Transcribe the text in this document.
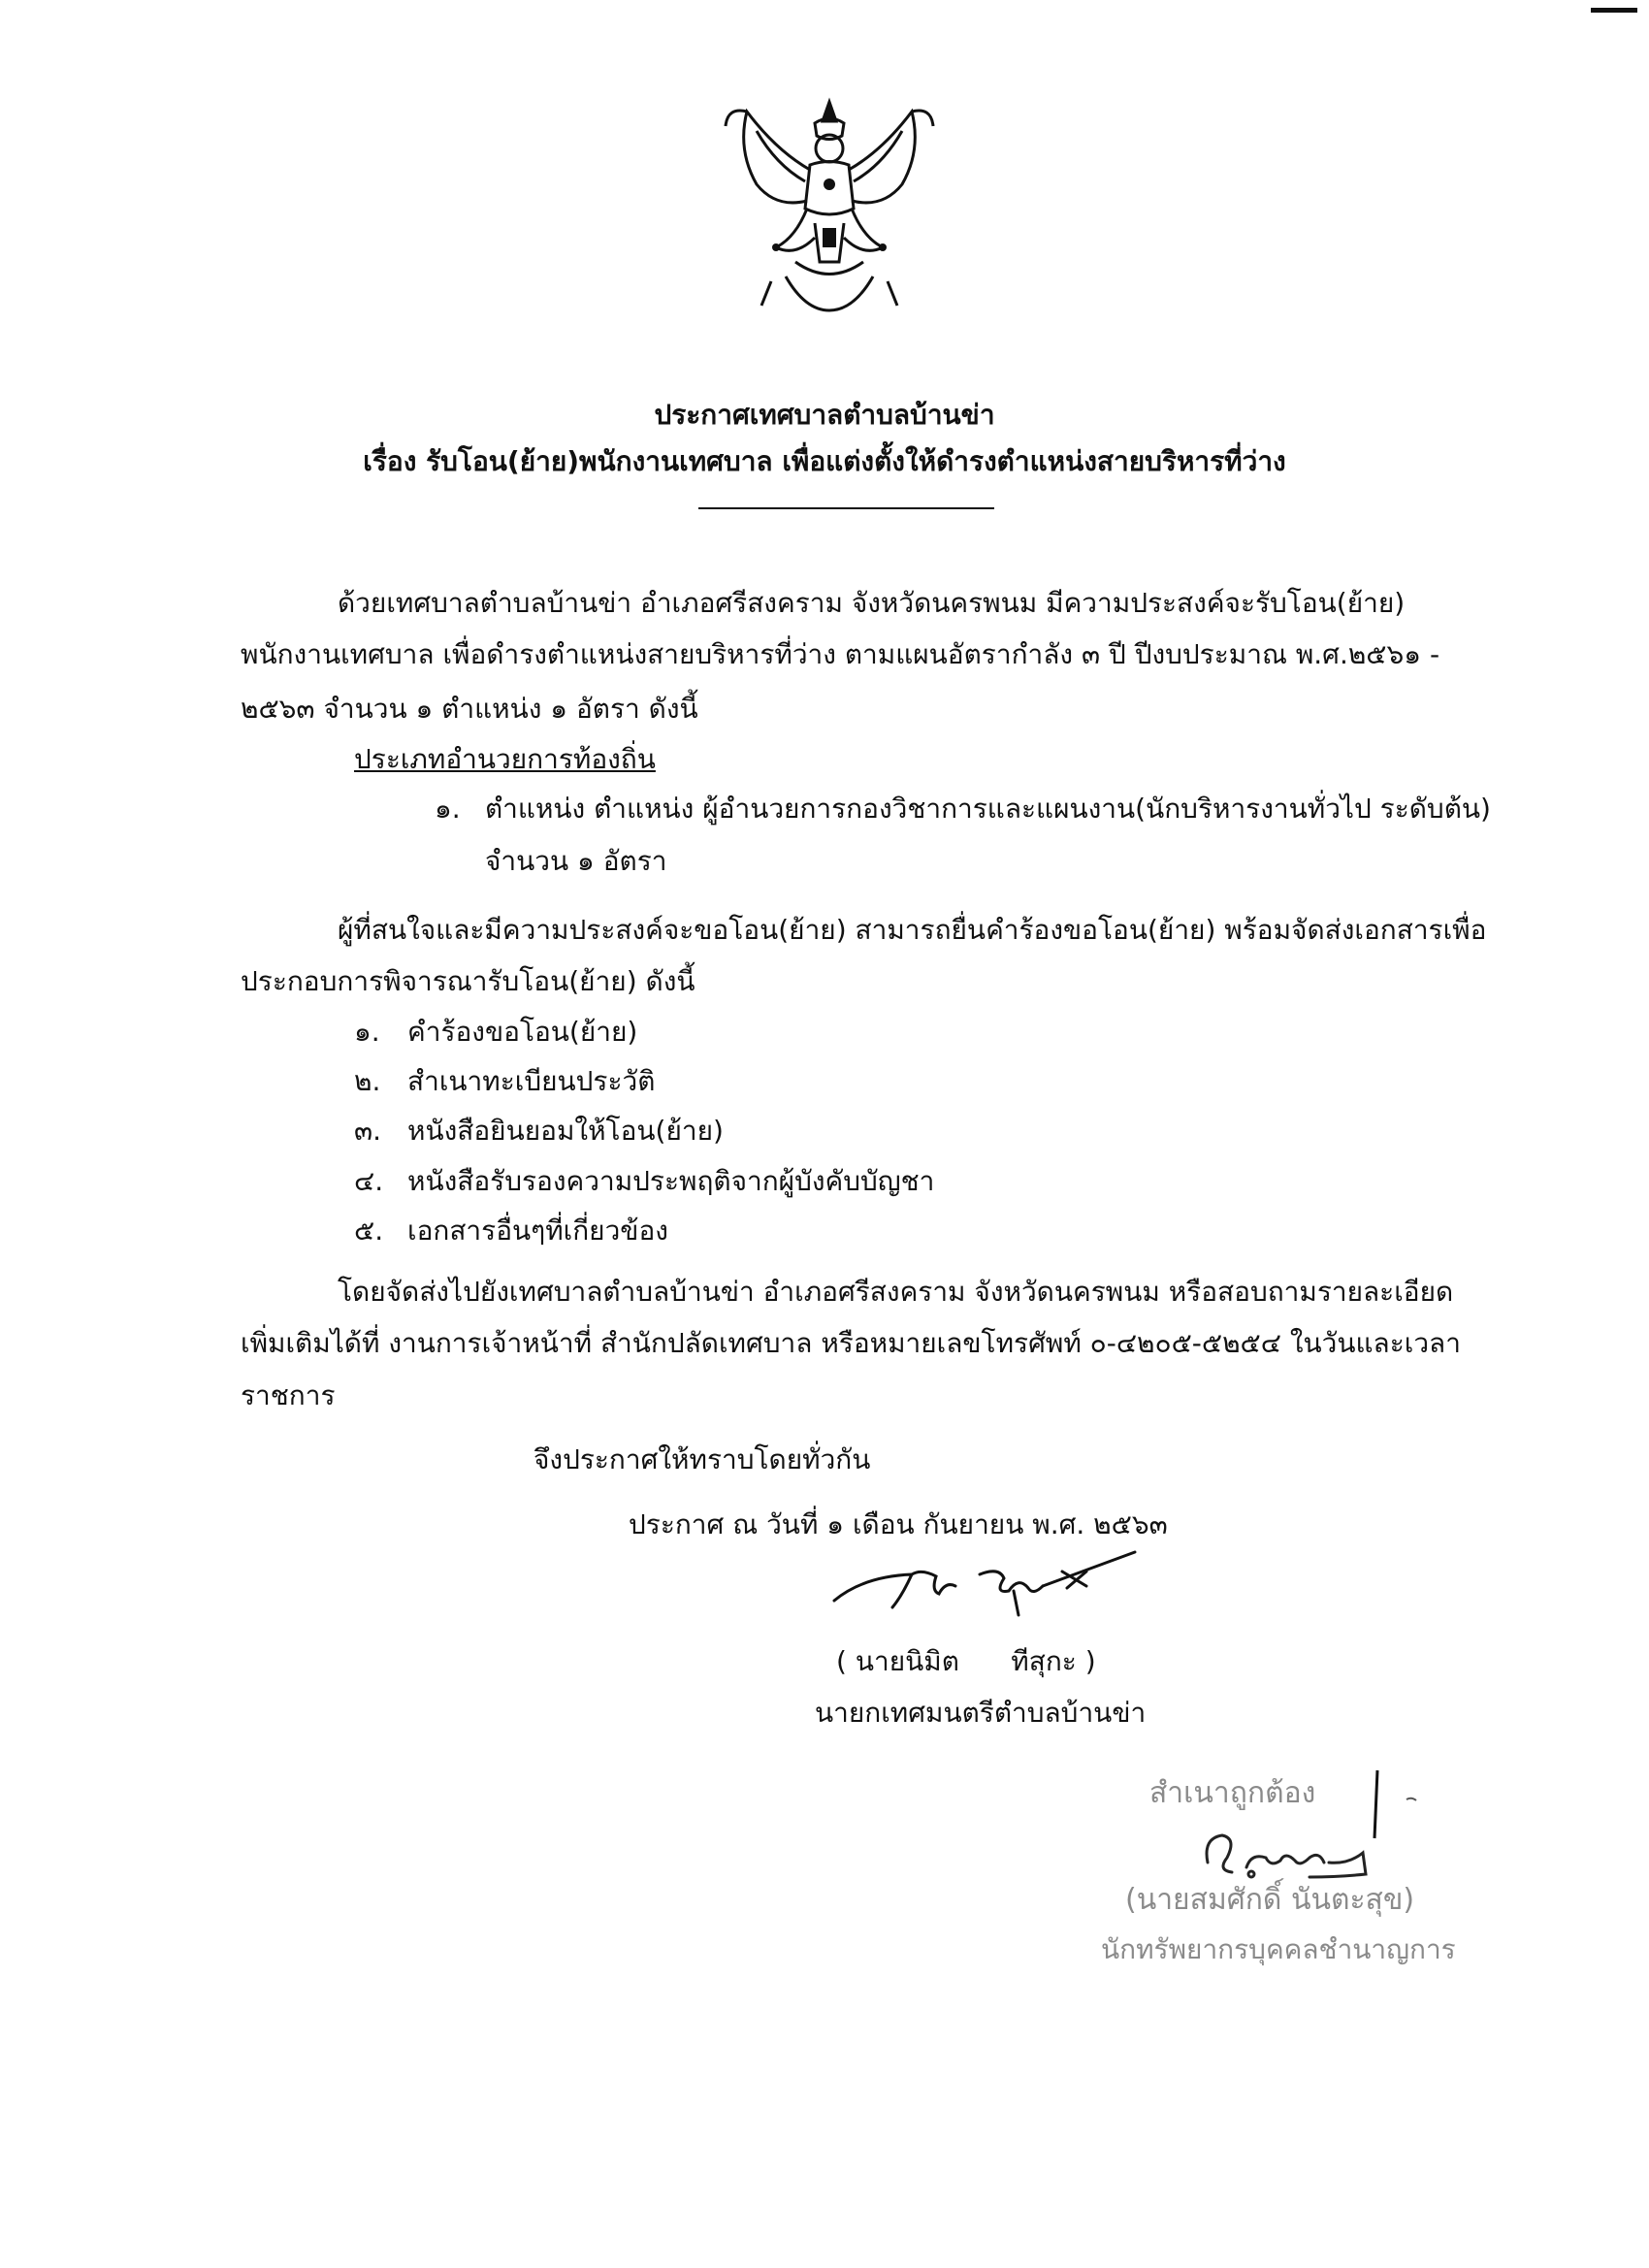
ประกาศเทศบาลตำบลบ้านข่า
เรื่อง รับโอน(ย้าย)พนักงานเทศบาล เพื่อแต่งตั้งให้ดำรงตำแหน่งสายบริหารที่ว่าง
ด้วยเทศบาลตำบลบ้านข่า อำเภอศรีสงคราม จังหวัดนครพนม มีความประสงค์จะรับโอน(ย้าย)
พนักงานเทศบาล เพื่อดำรงตำแหน่งสายบริหารที่ว่าง ตามแผนอัตรากำลัง ๓ ปี ปีงบประมาณ พ.ศ.๒๕๖๑ -
๒๕๖๓ จำนวน ๑ ตำแหน่ง ๑ อัตรา ดังนี้
ประเภทอำนวยการท้องถิ่น
๑. ตำแหน่ง ตำแหน่ง ผู้อำนวยการกองวิชาการและแผนงาน(นักบริหารงานทั่วไป ระดับต้น)
จำนวน ๑ อัตรา
ผู้ที่สนใจและมีความประสงค์จะขอโอน(ย้าย) สามารถยื่นคำร้องขอโอน(ย้าย) พร้อมจัดส่งเอกสารเพื่อ
ประกอบการพิจารณารับโอน(ย้าย) ดังนี้
๑. คำร้องขอโอน(ย้าย)
๒. สำเนาทะเบียนประวัติ
๓. หนังสือยินยอมให้โอน(ย้าย)
๔. หนังสือรับรองความประพฤติจากผู้บังคับบัญชา
๕. เอกสารอื่นๆที่เกี่ยวข้อง
โดยจัดส่งไปยังเทศบาลตำบลบ้านข่า อำเภอศรีสงคราม จังหวัดนครพนม หรือสอบถามรายละเอียด
เพิ่มเติมได้ที่ งานการเจ้าหน้าที่ สำนักปลัดเทศบาล หรือหมายเลขโทรศัพท์ ๐-๔๒๐๕-๕๒๕๔ ในวันและเวลา
ราชการ
จึงประกาศให้ทราบโดยทั่วกัน
ประกาศ ณ วันที่ ๑ เดือน กันยายน พ.ศ. ๒๕๖๓
( นายนิมิต      ทีสุกะ )
นายกเทศมนตรีตำบลบ้านข่า
สำเนาถูกต้อง
(นายสมศักดิ์ นันตะสุข)
นักทรัพยากรบุคคลชำนาญการ
